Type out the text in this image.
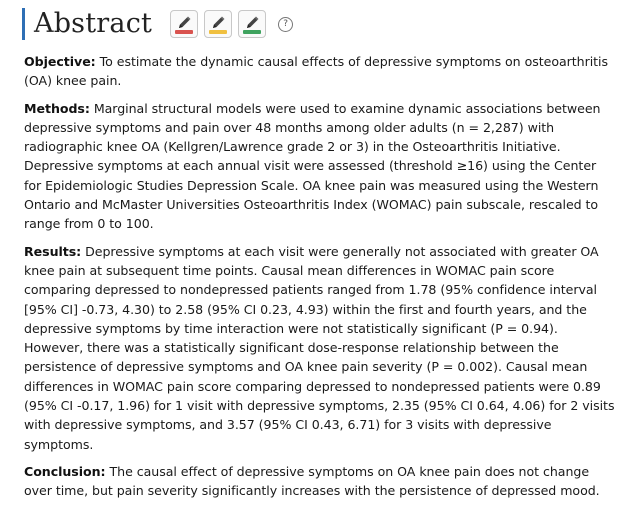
Abstract	?

Objective: To estimate the dynamic causal effects of depressive symptoms on osteoarthritis (OA) knee pain.

Methods: Marginal structural models were used to examine dynamic associations between depressive symptoms and pain over 48 months among older adults (n = 2,287) with radiographic knee OA (Kellgren/Lawrence grade 2 or 3) in the Osteoarthritis Initiative. Depressive symptoms at each annual visit were assessed (threshold ≥16) using the Center for Epidemiologic Studies Depression Scale. OA knee pain was measured using the Western Ontario and McMaster Universities Osteoarthritis Index (WOMAC) pain subscale, rescaled to range from 0 to 100.

Results: Depressive symptoms at each visit were generally not associated with greater OA knee pain at subsequent time points. Causal mean differences in WOMAC pain score comparing depressed to nondepressed patients ranged from 1.78 (95% confidence interval [95% CI] -0.73, 4.30) to 2.58 (95% CI 0.23, 4.93) within the first and fourth years, and the depressive symptoms by time interaction were not statistically significant (P = 0.94). However, there was a statistically significant dose-response relationship between the persistence of depressive symptoms and OA knee pain severity (P = 0.002). Causal mean differences in WOMAC pain score comparing depressed to nondepressed patients were 0.89 (95% CI -0.17, 1.96) for 1 visit with depressive symptoms, 2.35 (95% CI 0.64, 4.06) for 2 visits with depressive symptoms, and 3.57 (95% CI 0.43, 6.71) for 3 visits with depressive symptoms.

Conclusion: The causal effect of depressive symptoms on OA knee pain does not change over time, but pain severity significantly increases with the persistence of depressed mood.
